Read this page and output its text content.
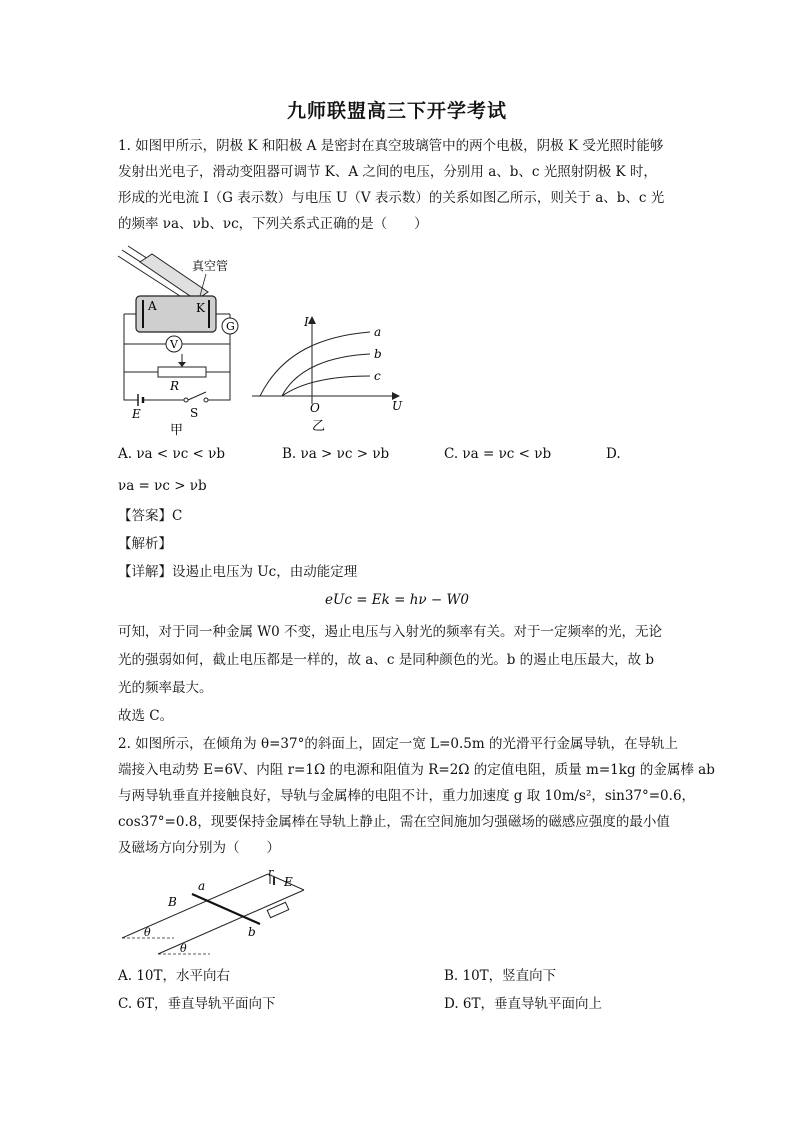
九师联盟高三下开学考试
1. 如图甲所示，阴极 K 和阳极 A 是密封在真空玻璃管中的两个电极，阴极 K 受光照时能够
发射出光电子，滑动变阻器可调节 K、A 之间的电压，分别用 a、b、c 光照射阴极 K 时，
形成的光电流 I（G 表示数）与电压 U（V 表示数）的关系如图乙所示，则关于 a、b、c 光
的频率 νa、νb、νc，下列关系式正确的是（　　）
A	K
真空管
G
V
R
E	S
甲
I
U
O
a
b
c
乙
A. νa < νc < νb	B. νa > νc > νb	C. νa = νc < νb	D.
νa = νc > νb
【答案】C
【解析】
【详解】设遏止电压为 Uc，由动能定理
eUc = Ek = hν − W0
可知，对于同一种金属 W0 不变，遏止电压与入射光的频率有关。对于一定频率的光，无论
光的强弱如何，截止电压都是一样的，故 a、c 是同种颜色的光。b 的遏止电压最大，故 b
光的频率最大。
故选 C。
2. 如图所示，在倾角为 θ=37°的斜面上，固定一宽 L=0.5m 的光滑平行金属导轨，在导轨上
端接入电动势 E=6V、内阻 r=1Ω 的电源和阻值为 R=2Ω 的定值电阻，质量 m=1kg 的金属棒 ab
与两导轨垂直并接触良好，导轨与金属棒的电阻不计，重力加速度 g 取 10m/s²，sin37°=0.6，
cos37°=0.8，现要保持金属棒在导轨上静止，需在空间施加匀强磁场的磁感应强度的最小值
及磁场方向分别为（　　）
a
b
B
r
E
θ
θ
A. 10T，水平向右	B. 10T，竖直向下
C. 6T，垂直导轨平面向下	D. 6T，垂直导轨平面向上
